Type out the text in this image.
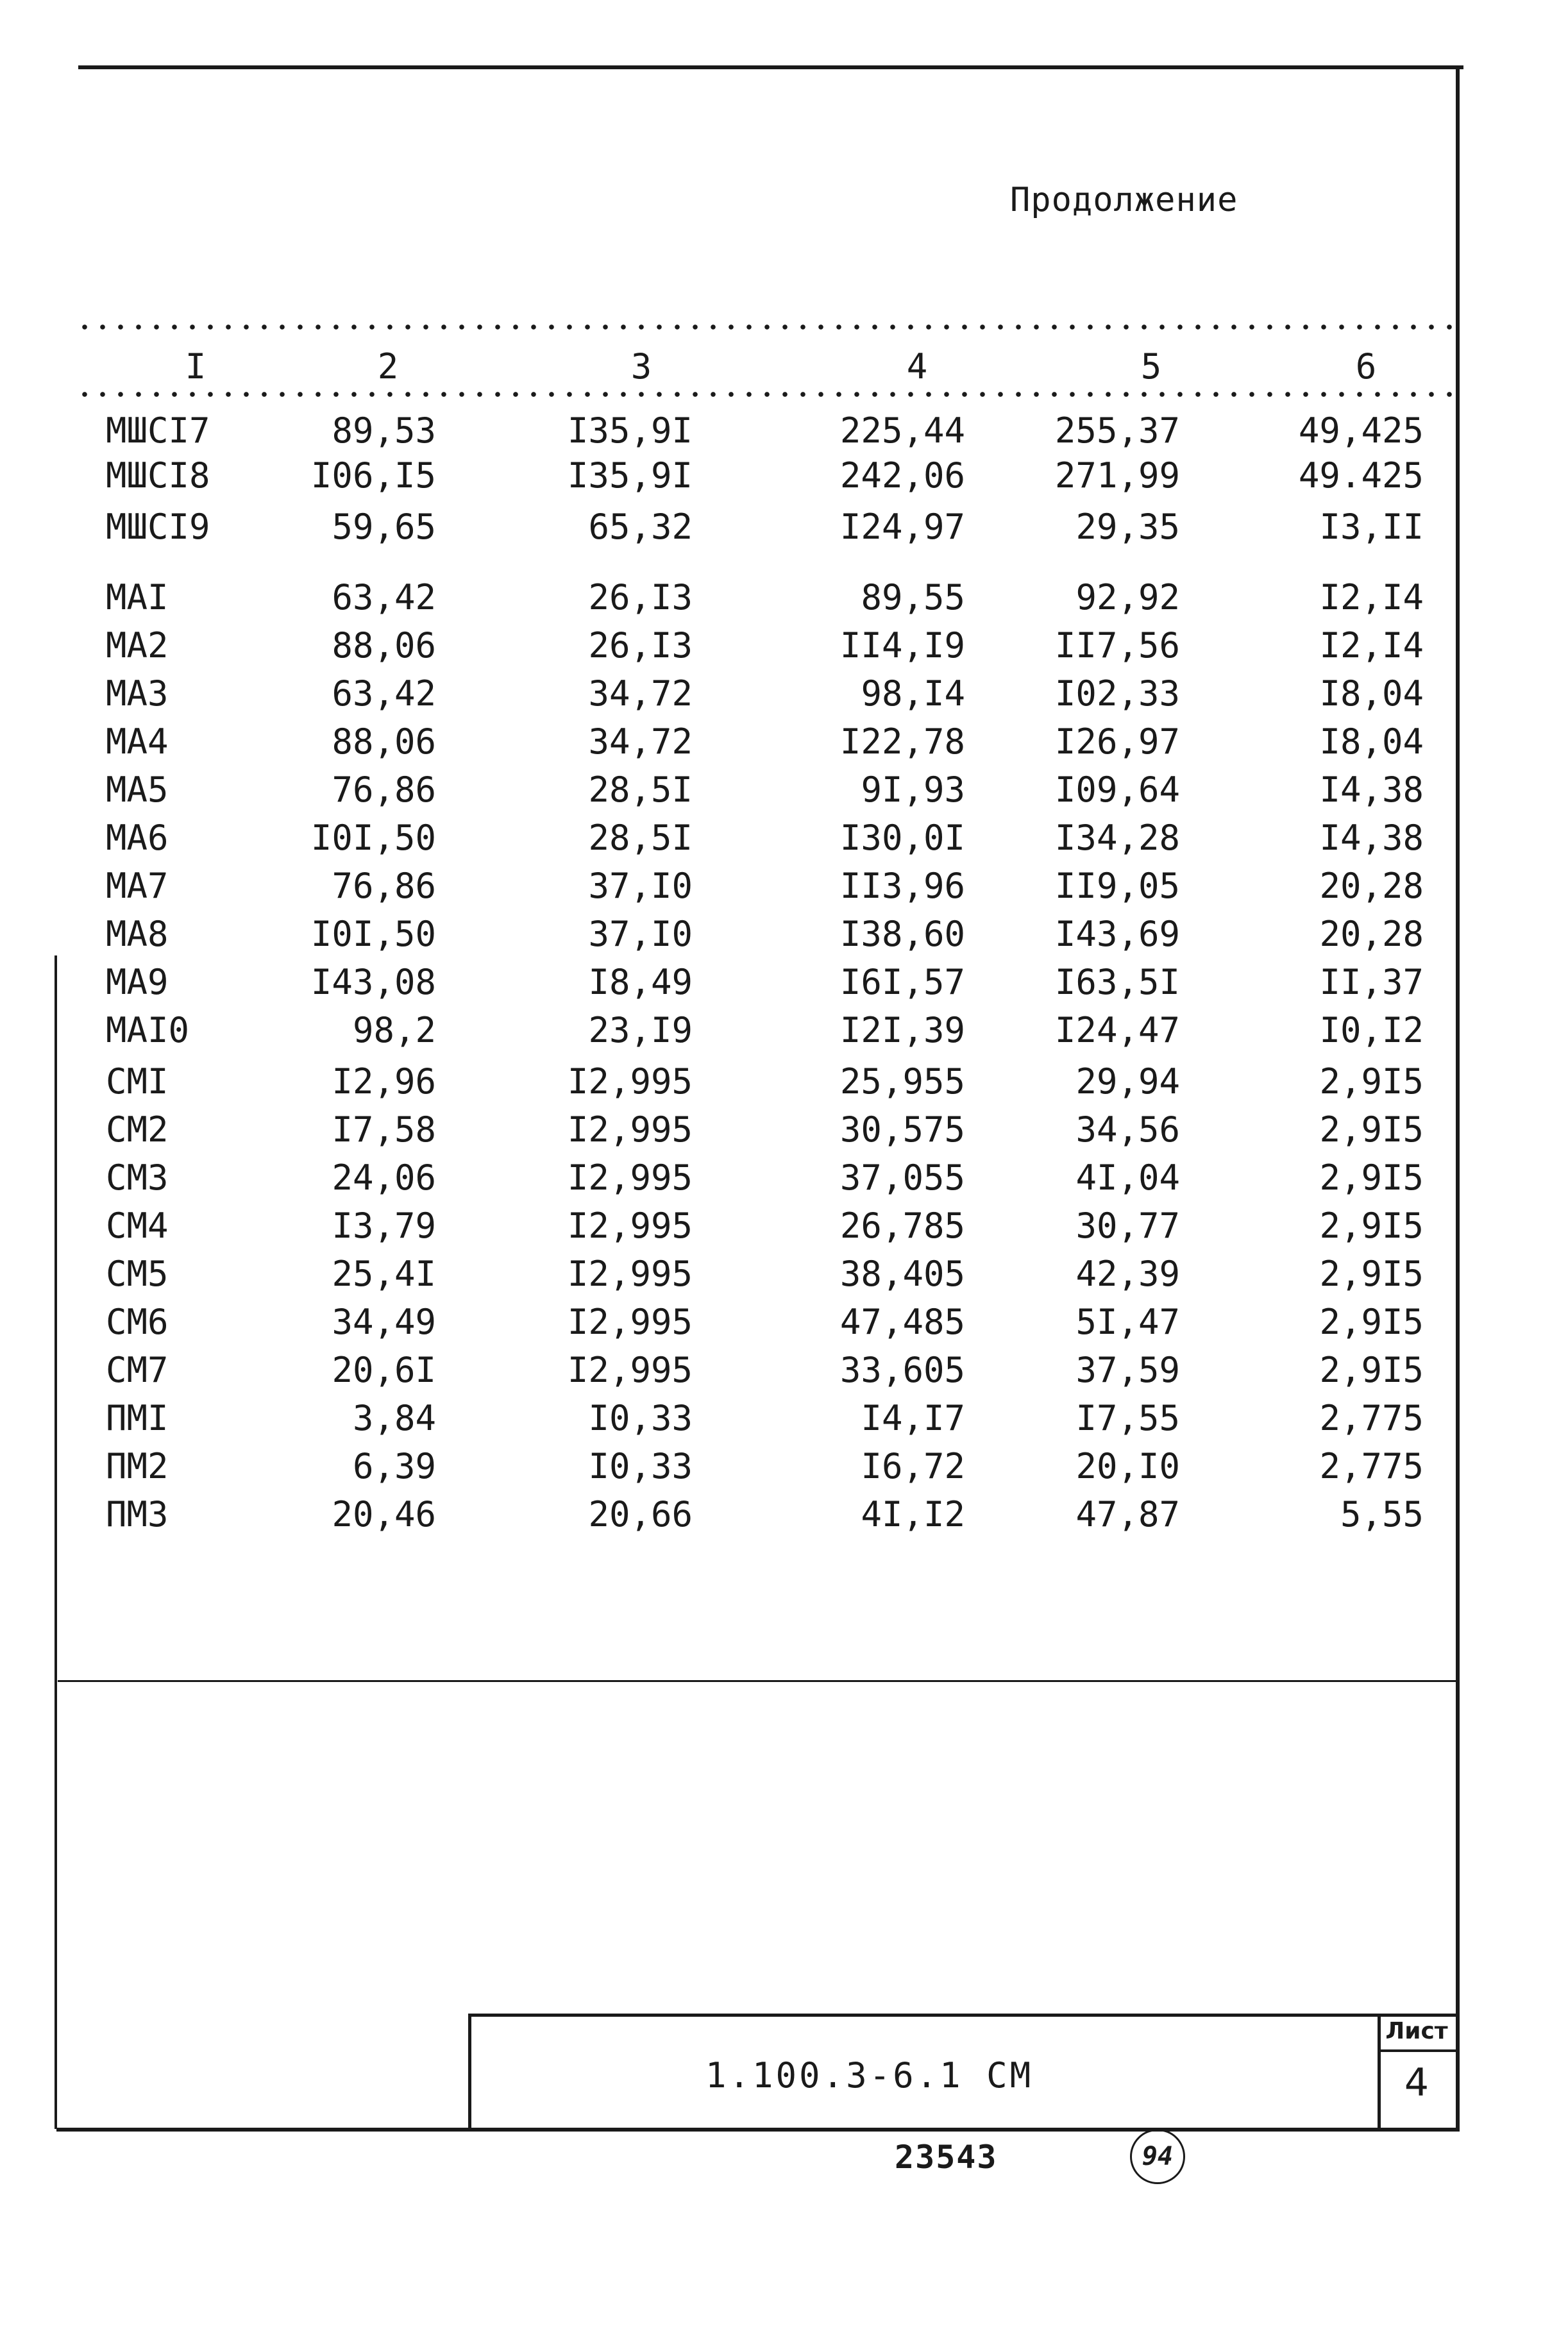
Продолжение
I	2	3	4	5	6
МШСI7	89,53	I35,9I	225,44	255,37	49,425
МШСI8	I06,I5	I35,9I	242,06	271,99	49.425
МШСI9	59,65	65,32	I24,97	29,35	I3,II
МАI	63,42	26,I3	89,55	92,92	I2,I4
МА2	88,06	26,I3	II4,I9	II7,56	I2,I4
МА3	63,42	34,72	98,I4	I02,33	I8,04
МА4	88,06	34,72	I22,78	I26,97	I8,04
МА5	76,86	28,5I	9I,93	I09,64	I4,38
МА6	I0I,50	28,5I	I30,0I	I34,28	I4,38
МА7	76,86	37,I0	II3,96	II9,05	20,28
МА8	I0I,50	37,I0	I38,60	I43,69	20,28
МА9	I43,08	I8,49	I6I,57	I63,5I	II,37
МАI0	98,2	23,I9	I2I,39	I24,47	I0,I2
СМI	I2,96	I2,995	25,955	29,94	2,9I5
СМ2	I7,58	I2,995	30,575	34,56	2,9I5
СМ3	24,06	I2,995	37,055	4I,04	2,9I5
СМ4	I3,79	I2,995	26,785	30,77	2,9I5
СМ5	25,4I	I2,995	38,405	42,39	2,9I5
СМ6	34,49	I2,995	47,485	5I,47	2,9I5
СМ7	20,6I	I2,995	33,605	37,59	2,9I5
ПМI	3,84	I0,33	I4,I7	I7,55	2,775
ПМ2	6,39	I0,33	I6,72	20,I0	2,775
ПМ3	20,46	20,66	4I,I2	47,87	5,55
1.100.3-6.1 СМ
Лист
4
23543	94
